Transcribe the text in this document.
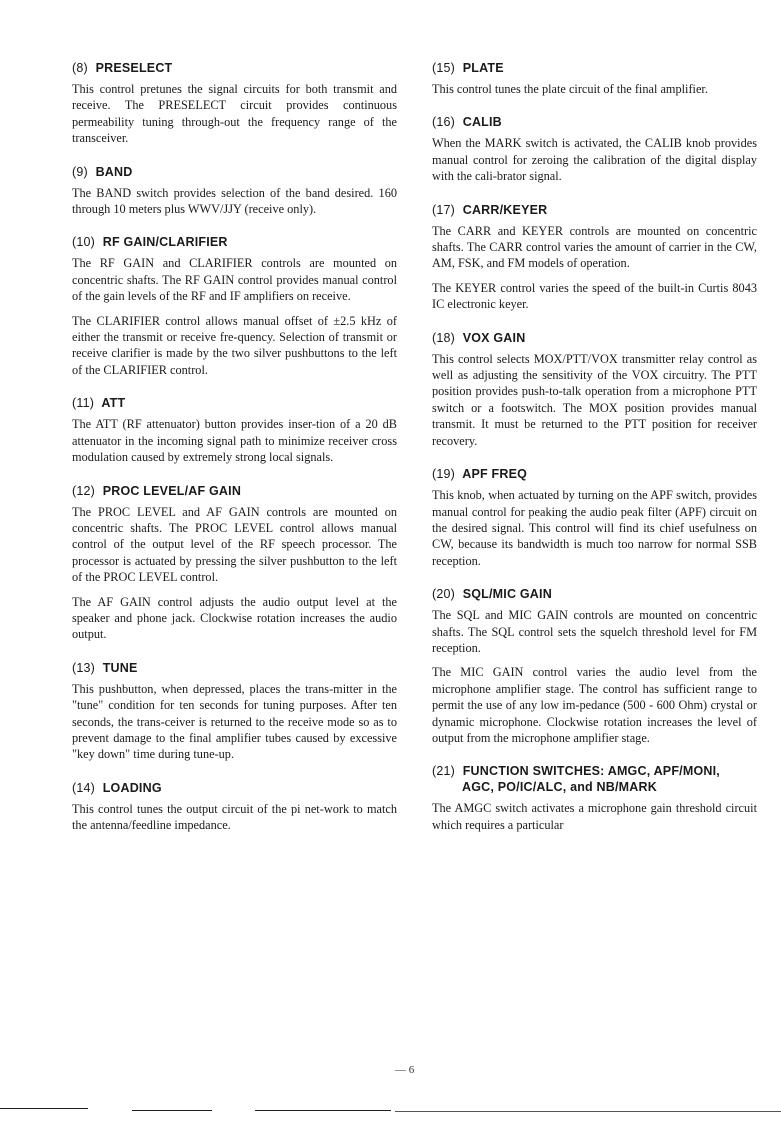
(8) PRESELECT

This control pretunes the signal circuits for both transmit and receive. The PRESELECT circuit provides continuous permeability tuning through-out the frequency range of the transceiver.

(9) BAND

The BAND switch provides selection of the band desired. 160 through 10 meters plus WWV/JJY (receive only).

(10) RF GAIN/CLARIFIER

The RF GAIN and CLARIFIER controls are mounted on concentric shafts. The RF GAIN control provides manual control of the gain levels of the RF and IF amplifiers on receive.

The CLARIFIER control allows manual offset of ±2.5 kHz of either the transmit or receive fre-quency. Selection of transmit or receive clarifier is made by the two silver pushbuttons to the left of the CLARIFIER control.

(11) ATT

The ATT (RF attenuator) button provides inser-tion of a 20 dB attenuator in the incoming signal path to minimize receiver cross modulation caused by extremely strong local signals.

(12) PROC LEVEL/AF GAIN

The PROC LEVEL and AF GAIN controls are mounted on concentric shafts. The PROC LEVEL control allows manual control of the output level of the RF speech processor. The processor is actuated by pressing the silver pushbutton to the left of the PROC LEVEL control.

The AF GAIN control adjusts the audio output level at the speaker and phone jack. Clockwise rotation increases the audio output.

(13) TUNE

This pushbutton, when depressed, places the trans-mitter in the "tune" condition for ten seconds for tuning purposes. After ten seconds, the trans-ceiver is returned to the receive mode so as to prevent damage to the final amplifier tubes caused by excessive "key down" time during tune-up.

(14) LOADING

This control tunes the output circuit of the pi net-work to match the antenna/feedline impedance.

(15) PLATE

This control tunes the plate circuit of the final amplifier.

(16) CALIB

When the MARK switch is activated, the CALIB knob provides manual control for zeroing the calibration of the digital display with the cali-brator signal.

(17) CARR/KEYER

The CARR and KEYER controls are mounted on concentric shafts. The CARR control varies the amount of carrier in the CW, AM, FSK, and FM models of operation.

The KEYER control varies the speed of the built-in Curtis 8043 IC electronic keyer.

(18) VOX GAIN

This control selects MOX/PTT/VOX transmitter relay control as well as adjusting the sensitivity of the VOX circuitry. The PTT position provides push-to-talk operation from a microphone PTT switch or a footswitch. The MOX position provides manual transmit. It must be returned to the PTT position for receiver recovery.

(19) APF FREQ

This knob, when actuated by turning on the APF switch, provides manual control for peaking the audio peak filter (APF) circuit on the desired signal. This control will find its chief usefulness on CW, because its bandwidth is much too narrow for normal SSB reception.

(20) SQL/MIC GAIN

The SQL and MIC GAIN controls are mounted on concentric shafts. The SQL control sets the squelch threshold level for FM reception.

The MIC GAIN control varies the audio level from the microphone amplifier stage. The control has sufficient range to permit the use of any low im-pedance (500 - 600 Ohm) crystal or dynamic microphone. Clockwise rotation increases the level of output from the microphone amplifier stage.

(21) FUNCTION SWITCHES: AMGC, APF/MONI,
AGC, PO/IC/ALC, and NB/MARK

The AMGC switch activates a microphone gain threshold circuit which requires a particular

— 6
